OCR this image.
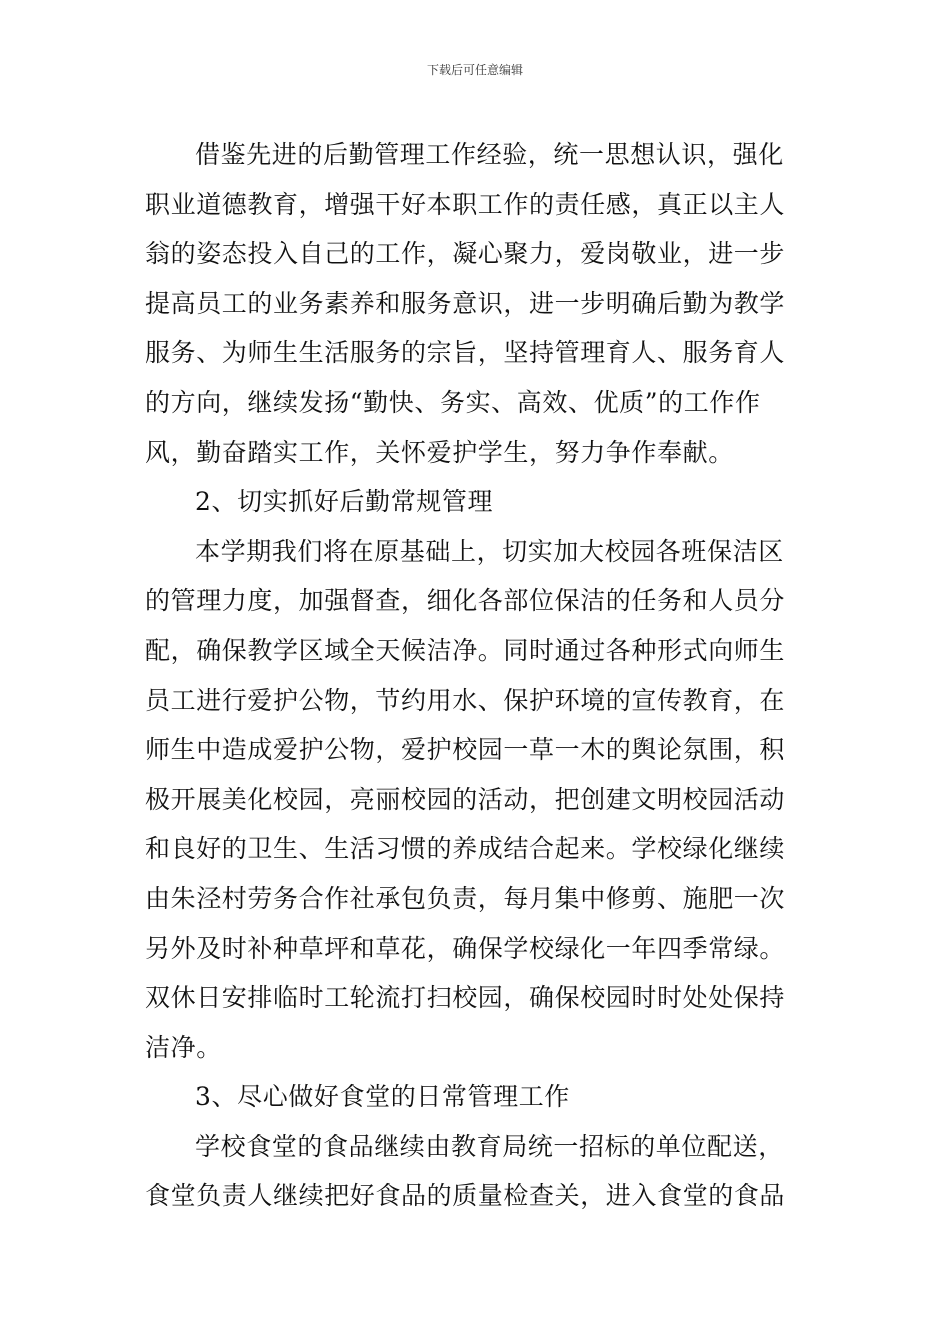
下载后可任意编辑
借鉴先进的后勤管理工作经验，统一思想认识，强化
职业道德教育，增强干好本职工作的责任感，真正以主人
翁的姿态投入自己的工作，凝心聚力，爱岗敬业，进一步
提高员工的业务素养和服务意识，进一步明确后勤为教学
服务、为师生生活服务的宗旨，坚持管理育人、服务育人
的方向，继续发扬“勤快、务实、高效、优质”的工作作
风，勤奋踏实工作，关怀爱护学生，努力争作奉献。
2、切实抓好后勤常规管理
本学期我们将在原基础上，切实加大校园各班保洁区
的管理力度，加强督查，细化各部位保洁的任务和人员分
配，确保教学区域全天候洁净。同时通过各种形式向师生
员工进行爱护公物，节约用水、保护环境的宣传教育，在
师生中造成爱护公物，爱护校园一草一木的舆论氛围，积
极开展美化校园，亮丽校园的活动，把创建文明校园活动
和良好的卫生、生活习惯的养成结合起来。学校绿化继续
由朱泾村劳务合作社承包负责，每月集中修剪、施肥一次
另外及时补种草坪和草花，确保学校绿化一年四季常绿。
双休日安排临时工轮流打扫校园，确保校园时时处处保持
洁净。
3、尽心做好食堂的日常管理工作
学校食堂的食品继续由教育局统一招标的单位配送，
食堂负责人继续把好食品的质量检查关，进入食堂的食品
